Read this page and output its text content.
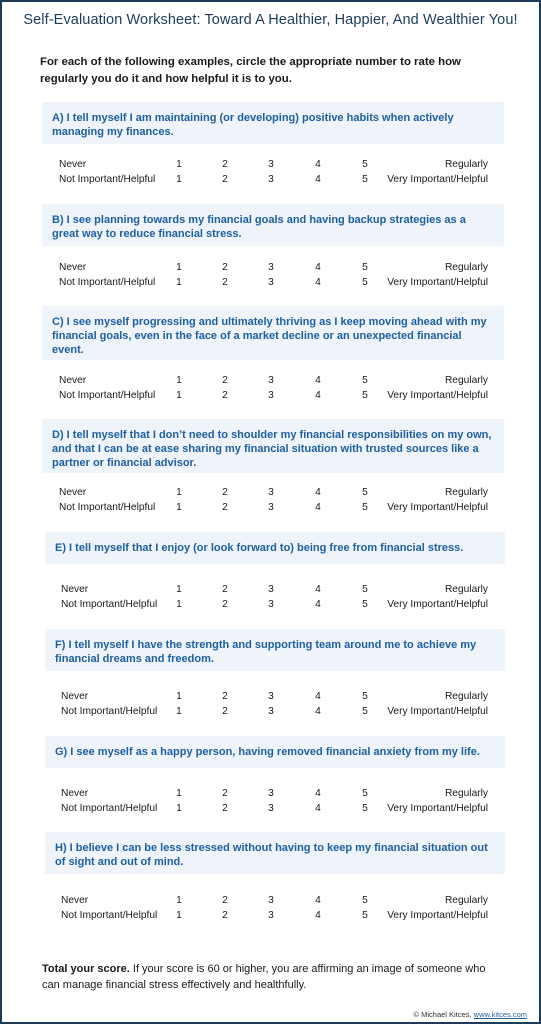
Self-Evaluation Worksheet: Toward A Healthier, Happier, And Wealthier You!
For each of the following examples, circle the appropriate number to rate how regularly you do it and how helpful it is to you.
A) I tell myself I am maintaining (or developing) positive habits when actively managing my finances.
Never	1	2	3	4	5	Regularly
Not Important/Helpful 1	2	3	4	5 Very Important/Helpful
B) I see planning towards my financial goals and having backup strategies as a great way to reduce financial stress.
Never	1	2	3	4	5	Regularly
Not Important/Helpful 1	2	3	4	5 Very Important/Helpful
C) I see myself progressing and ultimately thriving as I keep moving ahead with my financial goals, even in the face of a market decline or an unexpected financial event.
Never	1	2	3	4	5	Regularly
Not Important/Helpful 1	2	3	4	5 Very Important/Helpful
D) I tell myself that I don’t need to shoulder my financial responsibilities on my own, and that I can be at ease sharing my financial situation with trusted sources like a partner or financial advisor.
Never	1	2	3	4	5	Regularly
Not Important/Helpful 1	2	3	4	5 Very Important/Helpful
E) I tell myself that I enjoy (or look forward to) being free from financial stress.
Never	1	2	3	4	5	Regularly
Not Important/Helpful 1	2	3	4	5 Very Important/Helpful
F) I tell myself I have the strength and supporting team around me to achieve my financial dreams and freedom.
Never	1	2	3	4	5	Regularly
Not Important/Helpful 1	2	3	4	5 Very Important/Helpful
G) I see myself as a happy person, having removed financial anxiety from my life.
Never	1	2	3	4	5	Regularly
Not Important/Helpful 1	2	3	4	5 Very Important/Helpful
H) I believe I can be less stressed without having to keep my financial situation out of sight and out of mind.
Never	1	2	3	4	5	Regularly
Not Important/Helpful 1	2	3	4	5 Very Important/Helpful
Total your score. If your score is 60 or higher, you are affirming an image of someone who can manage financial stress effectively and healthfully.
© Michael Kitces, www.kitces.com
